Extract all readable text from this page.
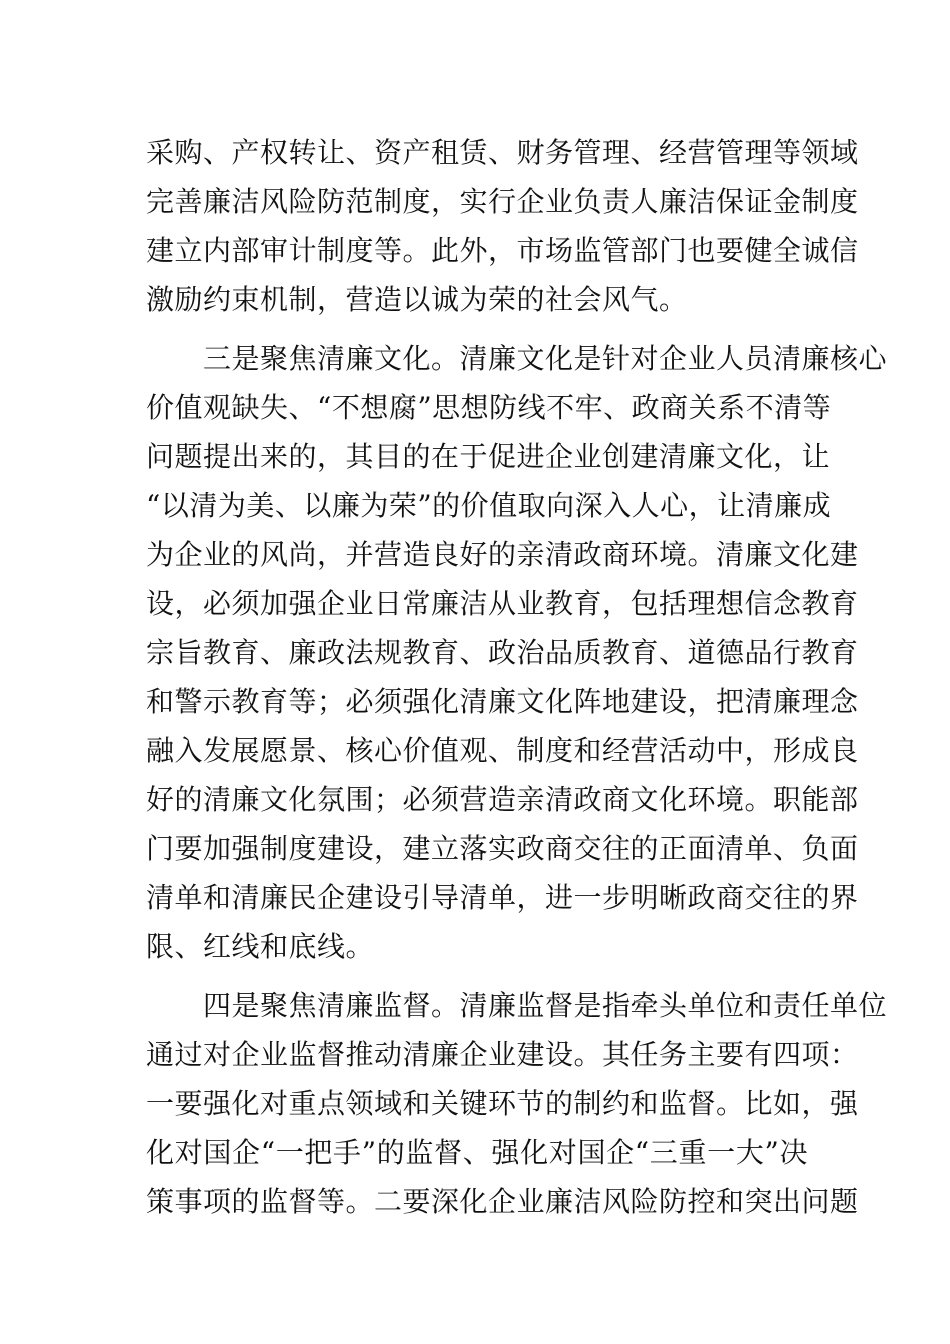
采购、产权转让、资产租赁、财务管理、经营管理等领域
完善廉洁风险防范制度，实行企业负责人廉洁保证金制度
建立内部审计制度等。此外，市场监管部门也要健全诚信
激励约束机制，营造以诚为荣的社会风气。
　　三是聚焦清廉文化。清廉文化是针对企业人员清廉核心
价值观缺失、“不想腐”思想防线不牢、政商关系不清等
问题提出来的，其目的在于促进企业创建清廉文化，让
“以清为美、以廉为荣”的价值取向深入人心，让清廉成
为企业的风尚，并营造良好的亲清政商环境。清廉文化建
设，必须加强企业日常廉洁从业教育，包括理想信念教育
宗旨教育、廉政法规教育、政治品质教育、道德品行教育
和警示教育等；必须强化清廉文化阵地建设，把清廉理念
融入发展愿景、核心价值观、制度和经营活动中，形成良
好的清廉文化氛围；必须营造亲清政商文化环境。职能部
门要加强制度建设，建立落实政商交往的正面清单、负面
清单和清廉民企建设引导清单，进一步明晰政商交往的界
限、红线和底线。
　　四是聚焦清廉监督。清廉监督是指牵头单位和责任单位
通过对企业监督推动清廉企业建设。其任务主要有四项：
一要强化对重点领域和关键环节的制约和监督。比如，强
化对国企“一把手”的监督、强化对国企“三重一大”决
策事项的监督等。二要深化企业廉洁风险防控和突出问题
